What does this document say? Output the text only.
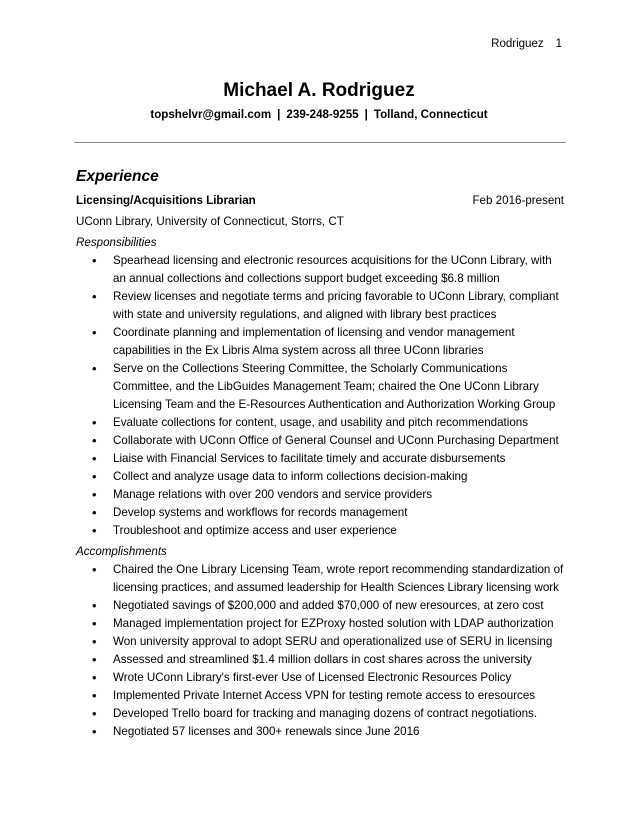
Rodriguez 1
Michael A. Rodriguez
topshelvr@gmail.com | 239-248-9255 | Tolland, Connecticut
Experience
Licensing/Acquisitions Librarian	Feb 2016-present
UConn Library, University of Connecticut, Storrs, CT
Responsibilities
• Spearhead licensing and electronic resources acquisitions for the UConn Library, with an annual collections and collections support budget exceeding $6.8 million
• Review licenses and negotiate terms and pricing favorable to UConn Library, compliant with state and university regulations, and aligned with library best practices
• Coordinate planning and implementation of licensing and vendor management capabilities in the Ex Libris Alma system across all three UConn libraries
• Serve on the Collections Steering Committee, the Scholarly Communications Committee, and the LibGuides Management Team; chaired the One UConn Library Licensing Team and the E-Resources Authentication and Authorization Working Group
• Evaluate collections for content, usage, and usability and pitch recommendations
• Collaborate with UConn Office of General Counsel and UConn Purchasing Department
• Liaise with Financial Services to facilitate timely and accurate disbursements
• Collect and analyze usage data to inform collections decision-making
• Manage relations with over 200 vendors and service providers
• Develop systems and workflows for records management
• Troubleshoot and optimize access and user experience
Accomplishments
• Chaired the One Library Licensing Team, wrote report recommending standardization of licensing practices, and assumed leadership for Health Sciences Library licensing work
• Negotiated savings of $200,000 and added $70,000 of new eresources, at zero cost
• Managed implementation project for EZProxy hosted solution with LDAP authorization
• Won university approval to adopt SERU and operationalized use of SERU in licensing
• Assessed and streamlined $1.4 million dollars in cost shares across the university
• Wrote UConn Library's first-ever Use of Licensed Electronic Resources Policy
• Implemented Private Internet Access VPN for testing remote access to eresources
• Developed Trello board for tracking and managing dozens of contract negotiations.
• Negotiated 57 licenses and 300+ renewals since June 2016
